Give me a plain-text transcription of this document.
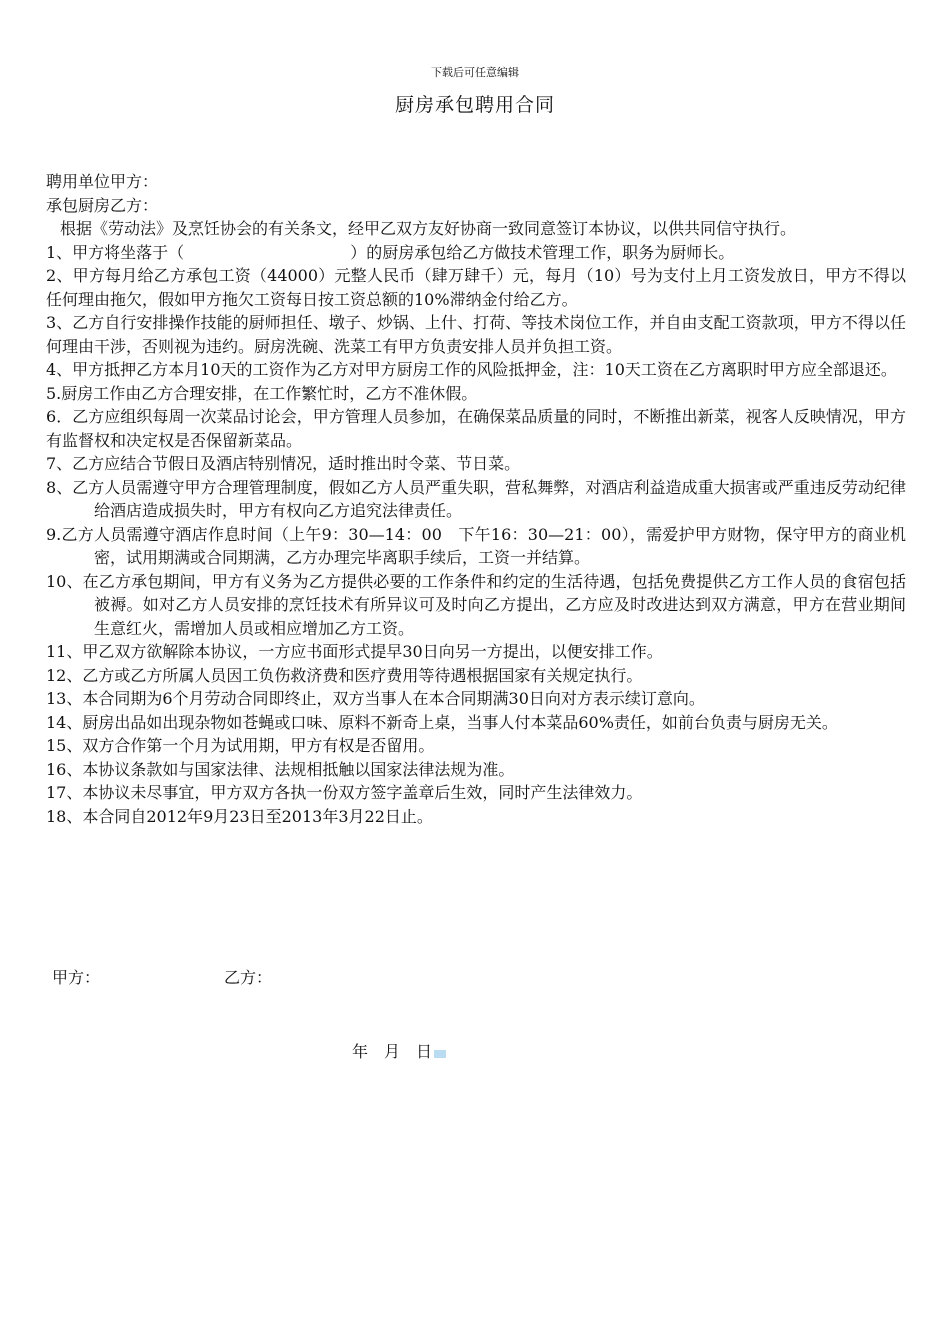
下载后可任意编辑
厨房承包聘用合同

聘用单位甲方：

承包厨房乙方：

根据《劳动法》及烹饪协会的有关条文，经甲乙双方友好协商一致同意签订本协议，以供共同信守执行。

1、甲方将坐落于（	）的厨房承包给乙方做技术管理工作，职务为厨师长。

2、甲方每月给乙方承包工资（44000）元整人民币（肆万肆千）元，每月（10）号为支付上月工资发放日，甲方不得以任何理由拖欠，假如甲方拖欠工资每日按工资总额的10%滞纳金付给乙方。

3、乙方自行安排操作技能的厨师担任、墩子、炒锅、上什、打荷、等技术岗位工作，并自由支配工资款项，甲方不得以任何理由干涉，否则视为违约。厨房洗碗、洗菜工有甲方负责安排人员并负担工资。

4、甲方抵押乙方本月10天的工资作为乙方对甲方厨房工作的风险抵押金，注：10天工资在乙方离职时甲方应全部退还。

5.厨房工作由乙方合理安排，在工作繁忙时，乙方不准休假。

6．乙方应组织每周一次菜品讨论会，甲方管理人员参加，在确保菜品质量的同时，不断推出新菜，视客人反映情况，甲方有监督权和决定权是否保留新菜品。

7、乙方应结合节假日及酒店特别情况，适时推出时令菜、节日菜。

8、乙方人员需遵守甲方合理管理制度，假如乙方人员严重失职，营私舞弊，对酒店利益造成重大损害或严重违反劳动纪律给酒店造成损失时，甲方有权向乙方追究法律责任。

9.乙方人员需遵守酒店作息时间（上午9：30—14：00　下午16：30—21：00），需爱护甲方财物，保守甲方的商业机密，试用期满或合同期满，乙方办理完毕离职手续后，工资一并结算。

10、在乙方承包期间，甲方有义务为乙方提供必要的工作条件和约定的生活待遇，包括免费提供乙方工作人员的食宿包括被褥。如对乙方人员安排的烹饪技术有所异议可及时向乙方提出，乙方应及时改进达到双方满意，甲方在营业期间生意红火，需增加人员或相应增加乙方工资。

11、甲乙双方欲解除本协议，一方应书面形式提早30日向另一方提出，以便安排工作。

12、乙方或乙方所属人员因工负伤救济费和医疗费用等待遇根据国家有关规定执行。

13、本合同期为6个月劳动合同即终止，双方当事人在本合同期满30日向对方表示续订意向。

14、厨房出品如出现杂物如苍蝇或口味、原料不新奇上桌，当事人付本菜品60%责任，如前台负责与厨房无关。

15、双方合作第一个月为试用期，甲方有权是否留用。

16、本协议条款如与国家法律、法规相抵触以国家法律法规为准。

17、本协议未尽事宜，甲方双方各执一份双方签字盖章后生效，同时产生法律效力。

18、本合同自2012年9月23日至2013年3月22日止。

甲方：	乙方：
年　月　日
